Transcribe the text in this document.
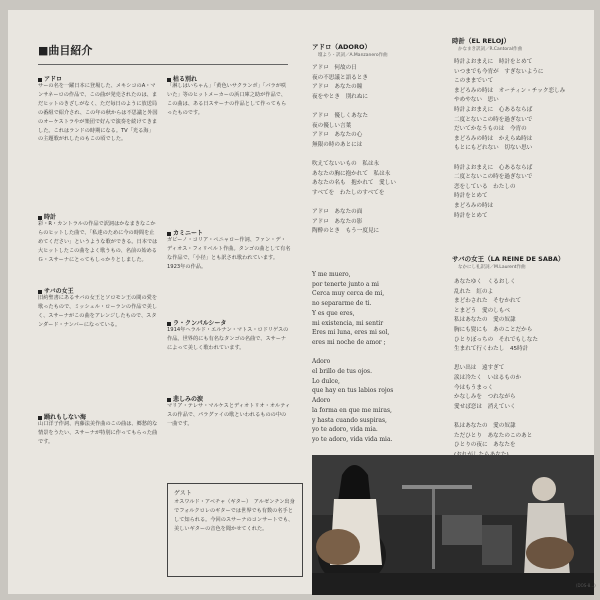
■曲目紹介
アドロ
サーの名を一躍日本に登場した、メキシコのA・マンサネーロの作品で、この曲が発売されたのは、まだヒットのきざしがなく、ただ毎日のように放送局の番組で紹介され、この年の秋からは不思議と外国のオーケストラやが楽団で好んで演奏を続けてきました。これはランドの時期になる。TV「光る海」の主題歌がれしたのもこの頃でした。
時計
彩・R・カントラルの作品で訳詞はかなまきなこからのヒットした曲で、「私達のために今の時間を止めてください」というような歌ができる。日本では大ヒットしたこの曲をよく歌うもの、名前の始めるＧ・スサーナにとってもしっかりとしました。
サバの女王
旧約聖書にあるサバの女王とソロモン王の間の愛を歌ったもので、ミッシェル・ローランの作品で美しく、スサーナがこの曲をアレンジしたもので、スタンダード・ナンバーになっている。
踊れもしない海
山口洋子作詞、内藤法美作曲のこの曲は、郷愁的な情景をうたい、スサーナが特別に作ってもらった曲です。
枯る別れ
「淋しはいちゃん」「黄色いサクランボ」「バラが咲いた」等のヒットメーカーの浜口庫之助が作品で、この曲は、ある日スサーナの作品として作ってもらったものです。
カミニート
ガビーノ・コリア・ペニャロー作詞、ファン・デ・ディオス・フィリベルト作曲。タンゴの曲として有名な作品で、「小径」とも訳され歌われています。1923年の作品。
ラ・クンパルシータ
1914年ヘラルド・エルナン・マトス・ロドリゲスの作品。世界的にも有名なタンゴの名曲で、スサーナによって美しく歌われています。
悲しみの涙
マリア・テレサ・マルケスとディオトリオ・オルティスの作品で、パラグァイの歌といわれるものの中の一曲です。
ゲスト
オスワルド・アベチャ（ギター）　アルゼンチン出身でフォルクロレのギターでは世界でも有数の名手として知られる。今回のスサーナのコンサートでも、美しいギターの音色を聞かせてくれた。
アドロ（ADORO）
壇よう・訳詞／A.Manzanero作曲
アドロ　何故の日
夜の不思議と語るとき
アドロ　あなたの瞳
夜をやとき　別れぬに

アドロ　優しくあなた
夜の優しい言葉
アドロ　あなたの心
無限の時のあとには

吹えてないいもの　私は永
あなたの胸に抱かれて　私は永
あなたの名も　抱かれて　愛しい
すべてを　わたしのすべてを

アドロ　あなたの面
アドロ　あなたの影
陶酔のとき　もう一度見に
Y me muero,
por tenerte junto a mi
Cerca muy cerca de mi,
no separarme de ti.
Y es que eres,
mi existencia, mi sentir
Eres mi luna, eres mi sol,
eres mi noche de amor ;

Adoro
el brillo de tus ojos.
Lo dulce,
que hay en tus labios rojos
Adoro
la forma en que me miras,
y hasta cuando suspiras,
yo te adoro, vida mia.
yo te adoro, vida vida mia.
時計（EL RELOJ）
かなまき訳詞／R.Cantoral作曲
時計よおまえに　時計をとめて
いつまでも今宵が　すぎないように
このままでいて
まどろみの時は　オーティン・チック恋しみ
やめやない　思い
時計よおまえに　心あるならば
二度とないこの時を過ぎないで
だいてかなうものは　今宵の
まどろみの時は　かえらぬ時は
もとにもどれない　切ない思い

時計よおまえに　心あるならば
二度とないこの時を過ぎないで
恋をしている　わたしの
時計をとめて
まどろみの時は
時計をとめて
サバの女王（LA REINE DE SABA）
なかにし礼訳詞／M.Laurent作曲
あなたゆく　くるおしく
乱れた　紅のよ
まどわされた　そむかれて
とまどう　愛のしもべ
私はあなたの　愛の奴隷
胸にも髪にも　あのことだから
ひとりぼっちの　それでもしなた
生まれて行くわたし　45時計

思い出は　遠すぎて
涙は冷たく　いはるものか
今はもうまっく
かなしみを　つれながら
愛せば恋は　消えていく

私はあなたの　愛の奴隷
ただひとり　あなたのこのあと
ひとりの夜に　あなたを

(DOS-8...)
